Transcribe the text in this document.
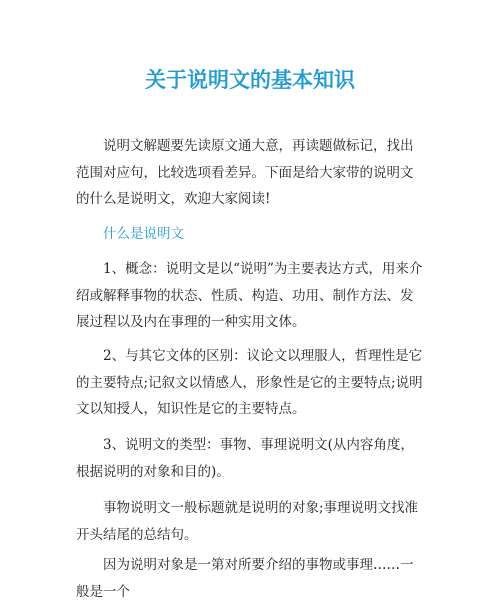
关于说明文的基本知识

说明文解题要先读原文通大意，再读题做标记，找出范围对应句，比较选项看差异。下面是给大家带的说明文的什么是说明文，欢迎大家阅读!

什么是说明文

1、概念：说明文是以“说明”为主要表达方式，用来介绍或解释事物的状态、性质、构造、功用、制作方法、发展过程以及内在事理的一种实用文体。

2、与其它文体的区别：议论文以理服人，哲理性是它的主要特点;记叙文以情感人，形象性是它的主要特点;说明文以知授人，知识性是它的主要特点。

3、说明文的类型：事物、事理说明文(从内容角度，根据说明的对象和目的)。

事物说明文一般标题就是说明的对象;事理说明文找准开头结尾的总结句。

因为说明对象是一第对所要介绍的事物或事理……一般是一个
